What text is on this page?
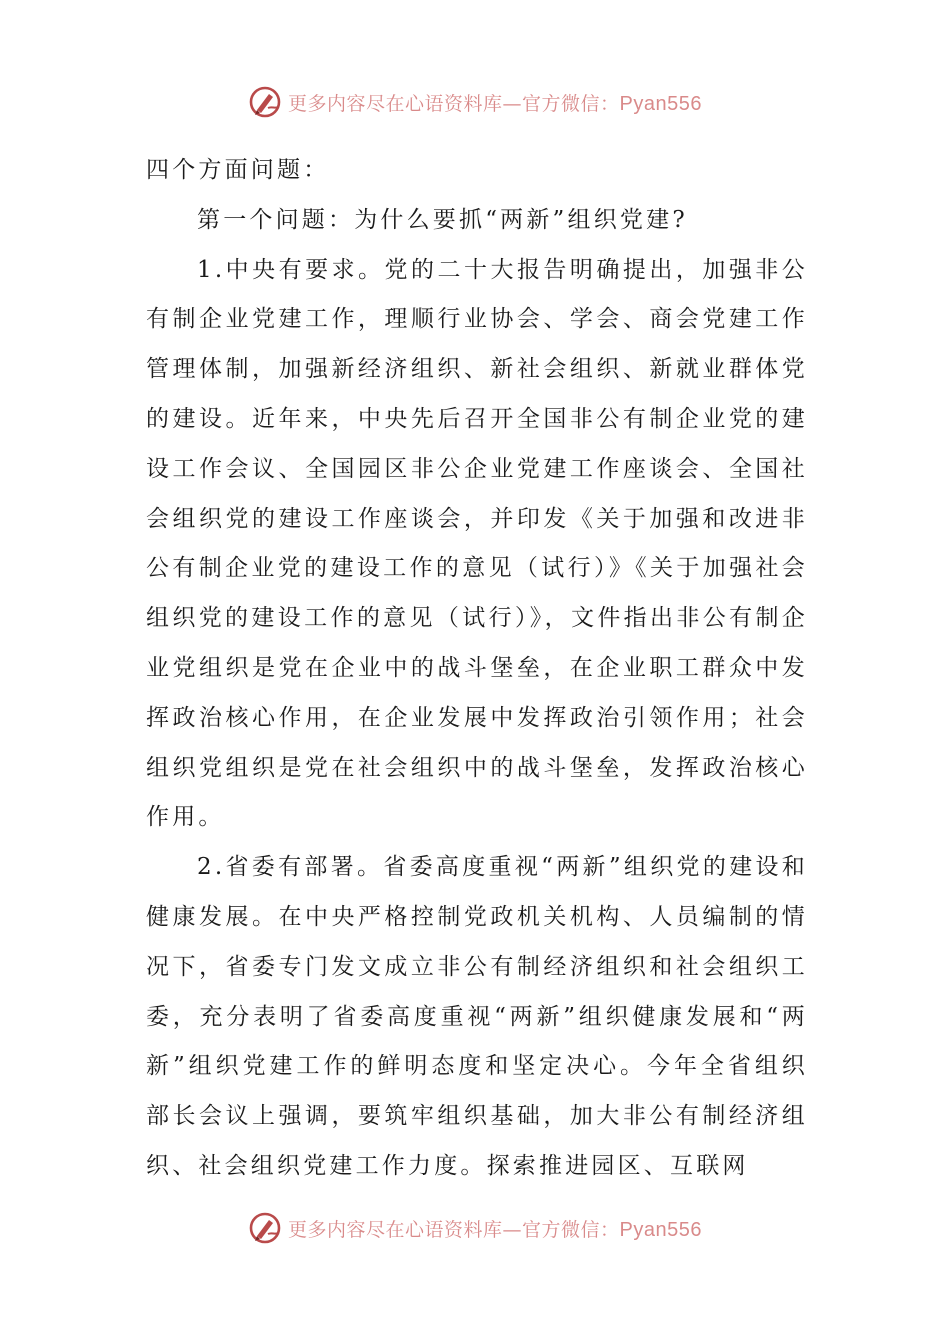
更多内容尽在心语资料库—官方微信：Pyan556

四个方面问题：

第一个问题：为什么要抓“两新”组织党建?

1.中央有要求。党的二十大报告明确提出，加强非公有制企业党建工作，理顺行业协会、学会、商会党建工作管理体制，加强新经济组织、新社会组织、新就业群体党的建设。近年来，中央先后召开全国非公有制企业党的建设工作会议、全国园区非公企业党建工作座谈会、全国社会组织党的建设工作座谈会，并印发《关于加强和改进非公有制企业党的建设工作的意见（试行）》《关于加强社会组织党的建设工作的意见（试行）》，文件指出非公有制企业党组织是党在企业中的战斗堡垒，在企业职工群众中发挥政治核心作用，在企业发展中发挥政治引领作用；社会组织党组织是党在社会组织中的战斗堡垒，发挥政治核心作用。

2.省委有部署。省委高度重视“两新”组织党的建设和健康发展。在中央严格控制党政机关机构、人员编制的情况下，省委专门发文成立非公有制经济组织和社会组织工委，充分表明了省委高度重视“两新”组织健康发展和“两新”组织党建工作的鲜明态度和坚定决心。今年全省组织部长会议上强调，要筑牢组织基础，加大非公有制经济组织、社会组织党建工作力度。探索推进园区、互联网

更多内容尽在心语资料库—官方微信：Pyan556
